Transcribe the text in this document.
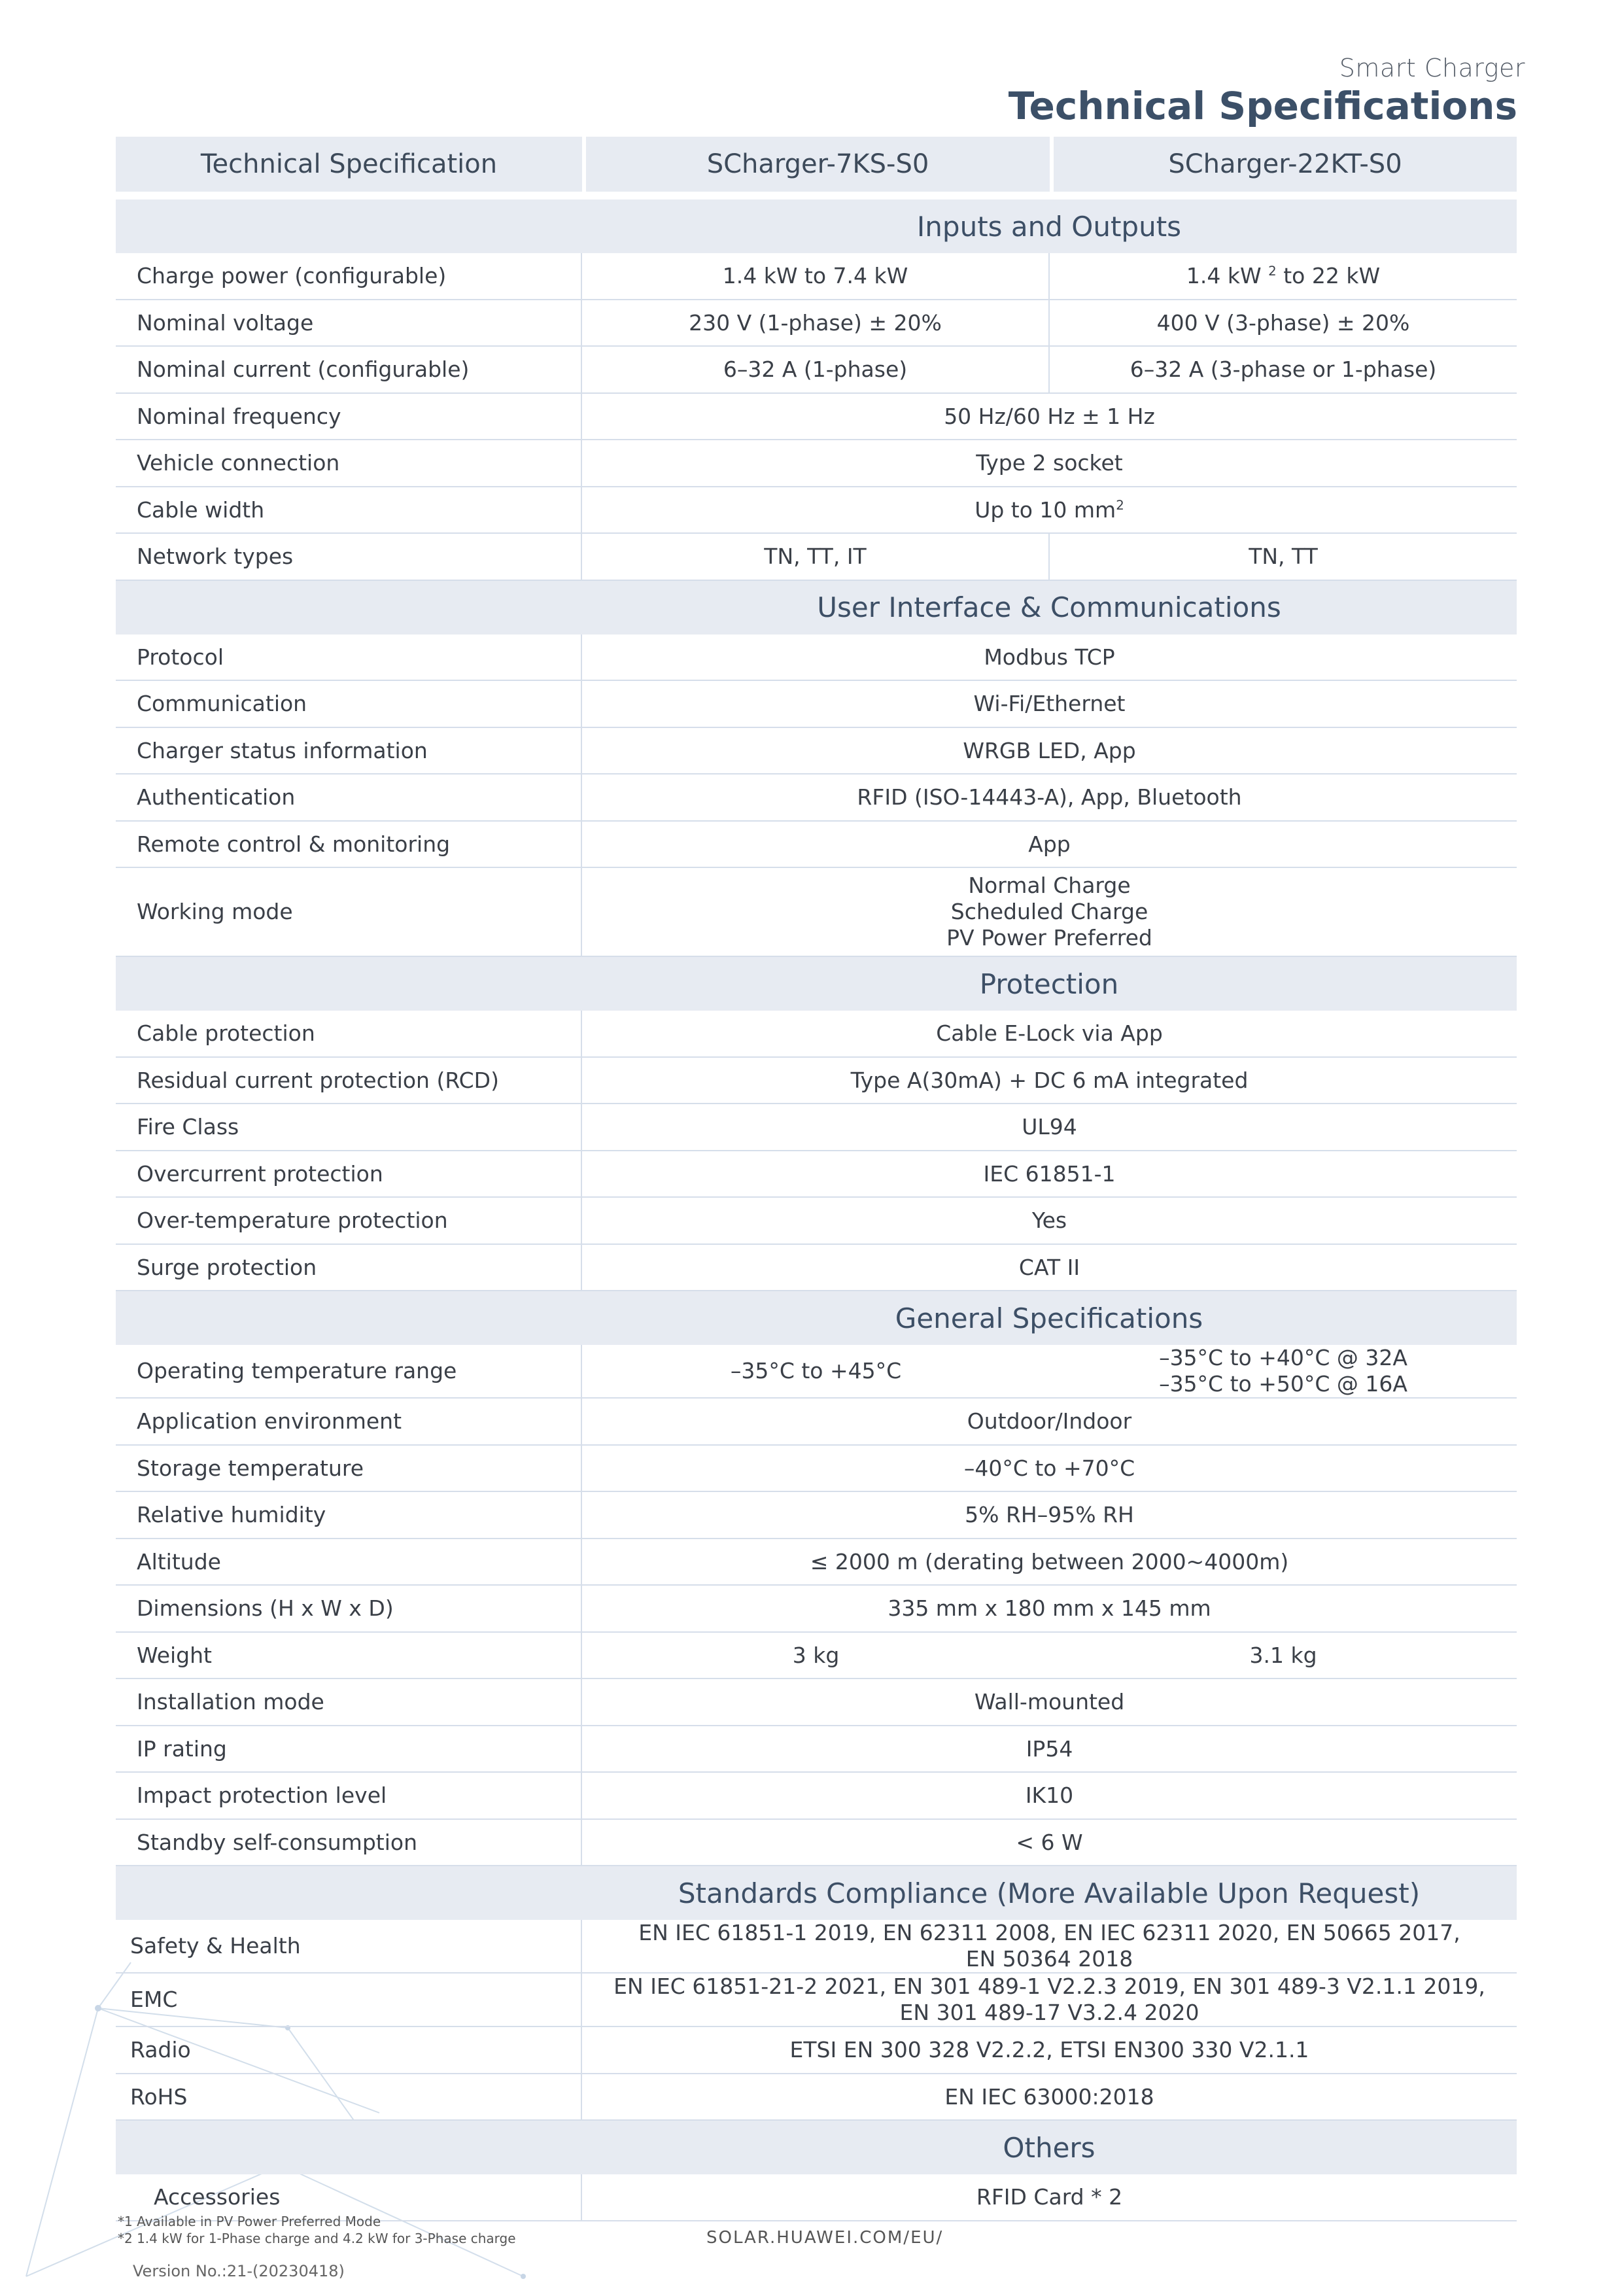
Smart Charger
Technical Specifications
Technical Specification	SCharger-7KS-S0	SCharger-22KT-S0

Inputs and Outputs		
Charge power (configurable)	1.4 kW to 7.4 kW	1.4 kW $^2$ to 22 kW
Nominal voltage	230 V (1-phase) ± 20%	400 V (3-phase) ± 20%
Nominal current (configurable)	6–32 A (1-phase)	6–32 A (3-phase or 1-phase)
Nominal frequency	50 Hz/60 Hz ± 1 Hz	
Vehicle connection	Type 2 socket	
Cable width	Up to 10 $mm^2$
Network types	TN, TT, IT	TN, TT
User Interface & Communications		
Protocol	Modbus TCP	
Communication	Wi-Fi/Ethernet	
Charger status information	WRGB LED, App	
Authentication	RFID (ISO-14443-A), App, Bluetooth	
Remote control & monitoring	App	
Working mode	Normal Charge
Scheduled Charge
PV Power Preferred	

Protection		
Cable protection	Cable E-Lock via App	
Residual current protection (RCD)	Type A(30mA) + DC 6 mA integrated	
Fire Class	UL94	
Overcurrent protection	IEC 61851-1	
Over-temperature protection	Yes	
Surge protection	CAT II	
General Specifications		
Operating temperature range	–35°C to +45°C	–35°C to +40°C @ 32A
–35°C to +50°C @ 16A

Application environment	Outdoor/Indoor	
Storage temperature	–40°C to +70°C	
Relative humidity	5% RH–95% RH	
Altitude	≤ 2000 m (derating between 2000~4000m)	
Dimensions (H x W x D)	335 mm x 180 mm x 145 mm	
Weight	3 kg	3.1 kg
Installation mode	Wall-mounted	
IP rating	IP54	
Impact protection level	IK10	
Standby self-consumption	< 6 W	
Standards Compliance (More Available Upon Request)		
Safety & Health	EN IEC 61851-1 2019, EN 62311 2008, EN IEC 62311 2020, EN 50665 2017,
EN 50364 2018	

EMC	EN IEC 61851-21-2 2021, EN 301 489-1 V2.2.3 2019, EN 301 489-3 V2.1.1 2019,
EN 301 489-17 V3.2.4 2020	

Radio	ETSI EN 300 328 V2.2.2, ETSI EN300 330 V2.1.1	
RoHS	EN IEC 63000:2018	
Others		
Accessories	RFID Card * 2	
*1 Available in PV Power Preferred Mode
*2 1.4 kW for 1-Phase charge and 4.2 kW for 3-Phase charge	SOLAR.HUAWEI.COM/EU/
Version No.:21-(20230418)
